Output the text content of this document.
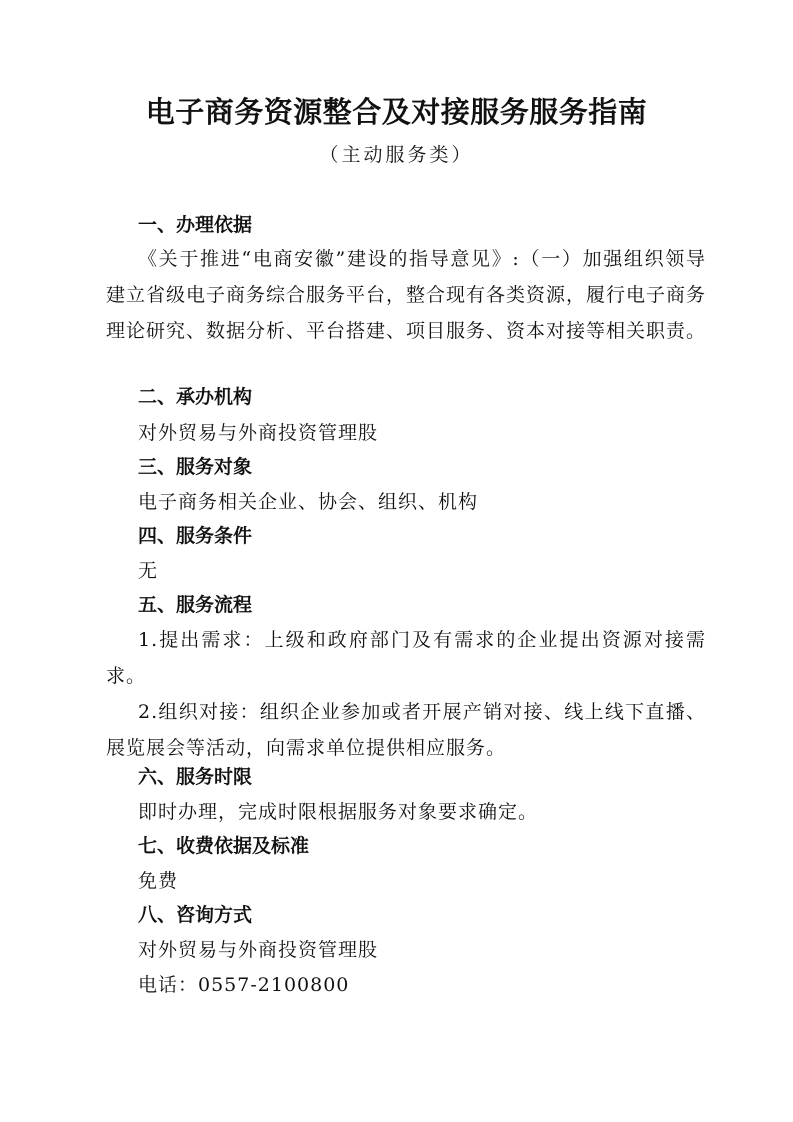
电子商务资源整合及对接服务服务指南
（主动服务类）
一、办理依据
《关于推进“电商安徽”建设的指导意见》:（一）加强组织领导 建立省级电子商务综合服务平台，整合现有各类资源，履行电子商务理论研究、数据分析、平台搭建、项目服务、资本对接等相关职责。
二、承办机构
对外贸易与外商投资管理股
三、服务对象
电子商务相关企业、协会、组织、机构
四、服务条件
无
五、服务流程
1.提出需求：上级和政府部门及有需求的企业提出资源对接需求。
2.组织对接：组织企业参加或者开展产销对接、线上线下直播、展览展会等活动，向需求单位提供相应服务。
六、服务时限
即时办理，完成时限根据服务对象要求确定。
七、收费依据及标准
免费
八、咨询方式
对外贸易与外商投资管理股
电话：0557-2100800
